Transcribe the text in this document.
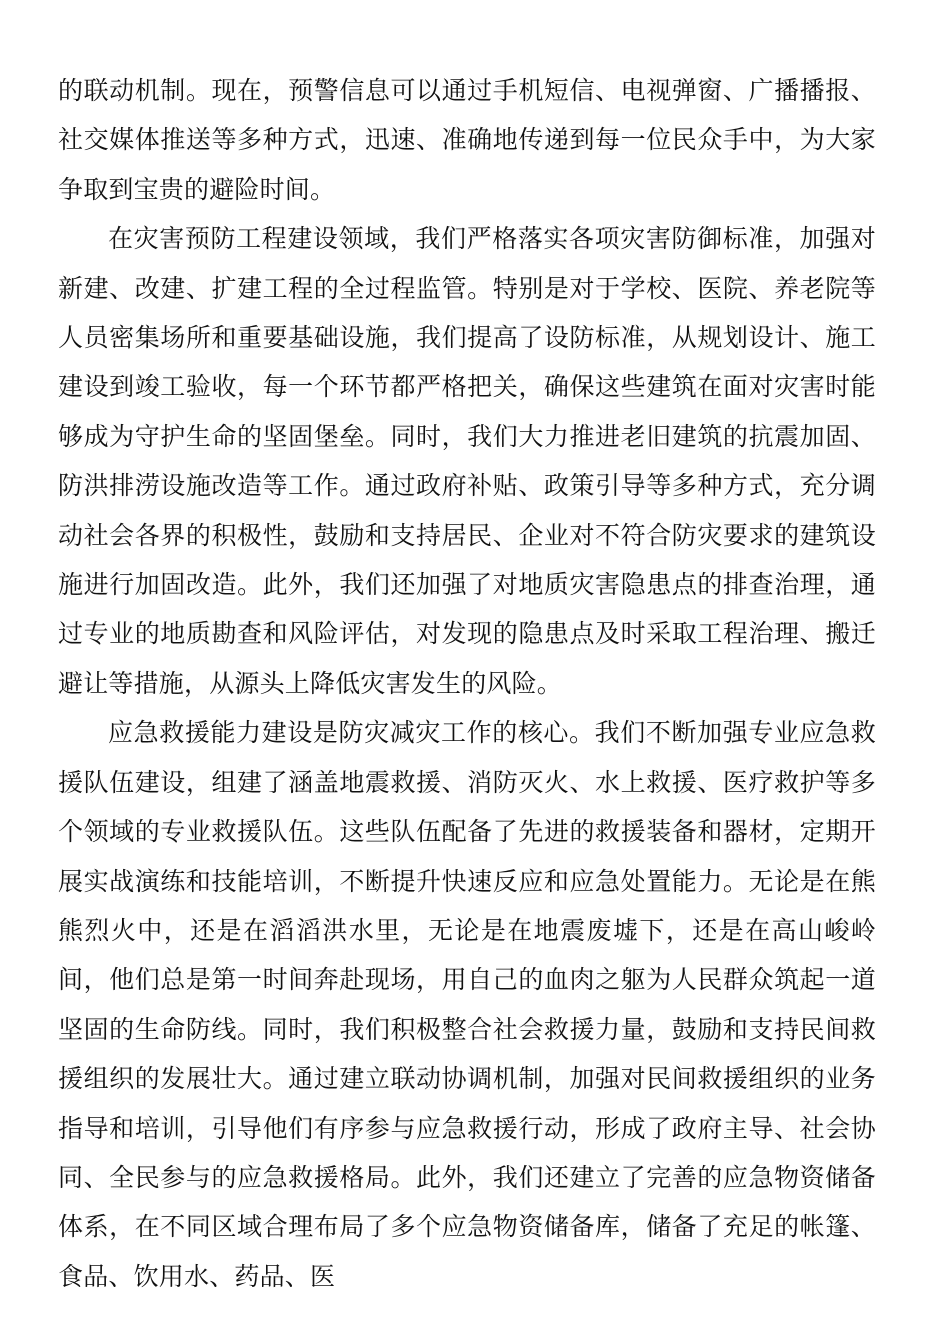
的联动机制。现在，预警信息可以通过手机短信、电视弹窗、广播播报、社交媒体推送等多种方式，迅速、准确地传递到每一位民众手中，为大家争取到宝贵的避险时间。

在灾害预防工程建设领域，我们严格落实各项灾害防御标准，加强对新建、改建、扩建工程的全过程监管。特别是对于学校、医院、养老院等人员密集场所和重要基础设施，我们提高了设防标准，从规划设计、施工建设到竣工验收，每一个环节都严格把关，确保这些建筑在面对灾害时能够成为守护生命的坚固堡垒。同时，我们大力推进老旧建筑的抗震加固、防洪排涝设施改造等工作。通过政府补贴、政策引导等多种方式，充分调动社会各界的积极性，鼓励和支持居民、企业对不符合防灾要求的建筑设施进行加固改造。此外，我们还加强了对地质灾害隐患点的排查治理，通过专业的地质勘查和风险评估，对发现的隐患点及时采取工程治理、搬迁避让等措施，从源头上降低灾害发生的风险。

应急救援能力建设是防灾减灾工作的核心。我们不断加强专业应急救援队伍建设，组建了涵盖地震救援、消防灭火、水上救援、医疗救护等多个领域的专业救援队伍。这些队伍配备了先进的救援装备和器材，定期开展实战演练和技能培训，不断提升快速反应和应急处置能力。无论是在熊熊烈火中，还是在滔滔洪水里，无论是在地震废墟下，还是在高山峻岭间，他们总是第一时间奔赴现场，用自己的血肉之躯为人民群众筑起一道坚固的生命防线。同时，我们积极整合社会救援力量，鼓励和支持民间救援组织的发展壮大。通过建立联动协调机制，加强对民间救援组织的业务指导和培训，引导他们有序参与应急救援行动，形成了政府主导、社会协同、全民参与的应急救援格局。此外，我们还建立了完善的应急物资储备体系，在不同区域合理布局了多个应急物资储备库，储备了充足的帐篷、食品、饮用水、药品、医
